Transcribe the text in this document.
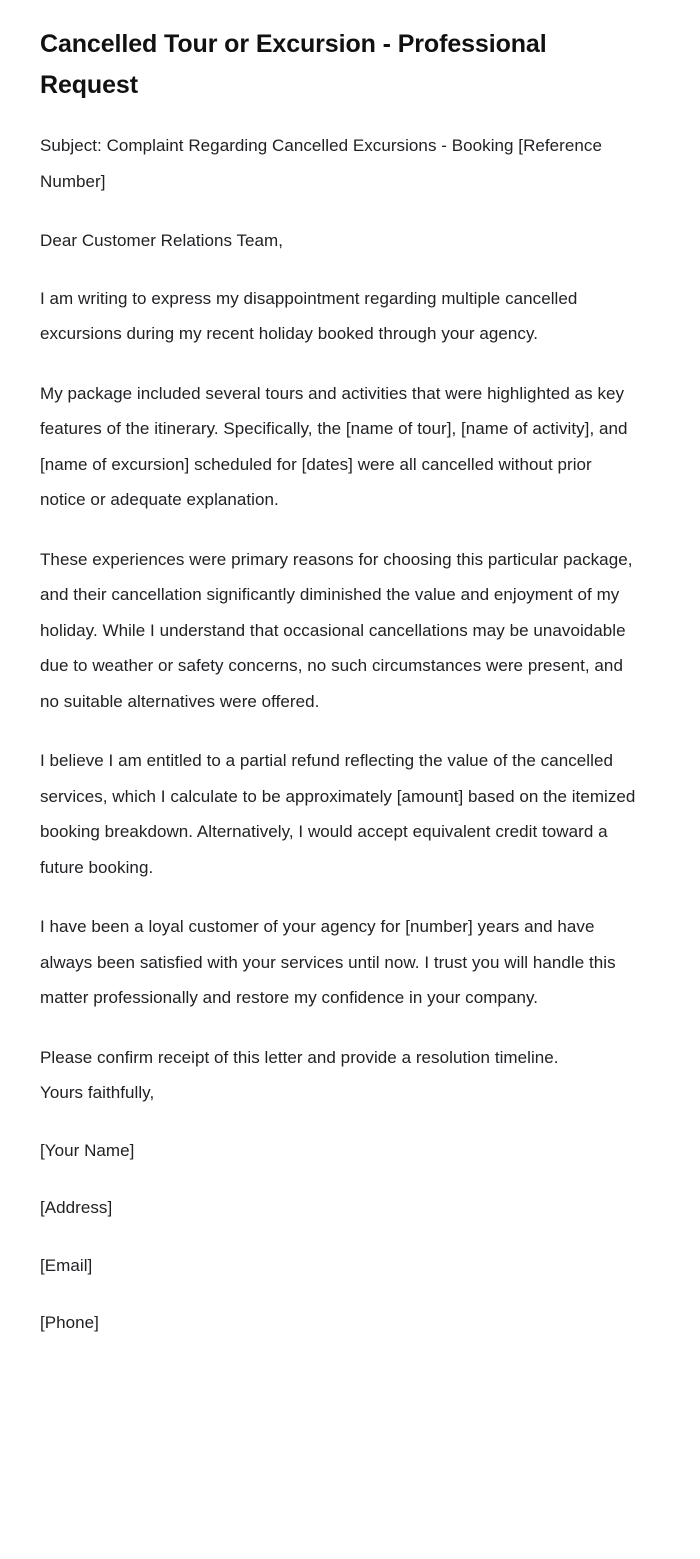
Cancelled Tour or Excursion - Professional Request

Subject: Complaint Regarding Cancelled Excursions - Booking [Reference Number]

Dear Customer Relations Team,

I am writing to express my disappointment regarding multiple cancelled excursions during my recent holiday booked through your agency.

My package included several tours and activities that were highlighted as key features of the itinerary. Specifically, the [name of tour], [name of activity], and [name of excursion] scheduled for [dates] were all cancelled without prior notice or adequate explanation.

These experiences were primary reasons for choosing this particular package, and their cancellation significantly diminished the value and enjoyment of my holiday. While I understand that occasional cancellations may be unavoidable due to weather or safety concerns, no such circumstances were present, and no suitable alternatives were offered.

I believe I am entitled to a partial refund reflecting the value of the cancelled services, which I calculate to be approximately [amount] based on the itemized booking breakdown. Alternatively, I would accept equivalent credit toward a future booking.

I have been a loyal customer of your agency for [number] years and have always been satisfied with your services until now. I trust you will handle this matter professionally and restore my confidence in your company.

Please confirm receipt of this letter and provide a resolution timeline.

Yours faithfully,

[Your Name]

[Address]

[Email]

[Phone]
